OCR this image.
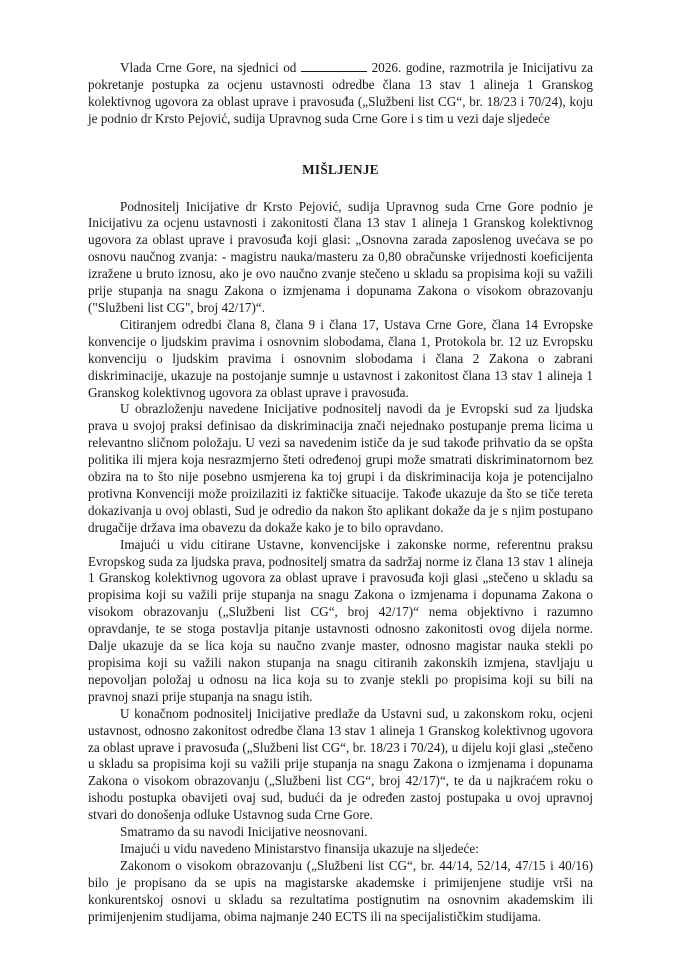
Vlada Crne Gore, na sjednici od	2026. godine, razmotrila je Inicijativu za pokretanje postupka za ocjenu ustavnosti odredbe člana 13 stav 1 alineja 1 Granskog kolektivnog ugovora za oblast uprave i pravosuđa („Službeni list CG“, br. 18/23 i 70/24), koju je podnio dr Krsto Pejović, sudija Upravnog suda Crne Gore i s tim u vezi daje sljedeće

MIŠLJENJE

Podnositelj Inicijative dr Krsto Pejović, sudija Upravnog suda Crne Gore podnio je Inicijativu za ocjenu ustavnosti i zakonitosti člana 13 stav 1 alineja 1 Granskog kolektivnog ugovora za oblast uprave i pravosuđa koji glasi: „Osnovna zarada zaposlenog uvećava se po osnovu naučnog zvanja: - magistru nauka/masteru za 0,80 obračunske vrijednosti koeficijenta izražene u bruto iznosu, ako je ovo naučno zvanje stečeno u skladu sa propisima koji su važili prije stupanja na snagu Zakona o izmjenama i dopunama Zakona o visokom obrazovanju ("Službeni list CG", broj 42/17)“.

Citiranjem odredbi člana 8, člana 9 i člana 17, Ustava Crne Gore, člana 14 Evropske konvencije o ljudskim pravima i osnovnim slobodama, člana 1, Protokola br. 12 uz Evropsku konvenciju o ljudskim pravima i osnovnim slobodama i člana 2 Zakona o zabrani diskriminacije, ukazuje na postojanje sumnje u ustavnost i zakonitost člana 13 stav 1 alineja 1 Granskog kolektivnog ugovora za oblast uprave i pravosuđa.

U obrazloženju navedene Inicijative podnositelj navodi da je Evropski sud za ljudska prava u svojoj praksi definisao da diskriminacija znači nejednako postupanje prema licima u relevantno sličnom položaju. U vezi sa navedenim ističe da je sud takođe prihvatio da se opšta politika ili mjera koja nesrazmjerno šteti određenoj grupi može smatrati diskriminatornom bez obzira na to što nije posebno usmjerena ka toj grupi i da diskriminacija koja je potencijalno protivna Konvenciji može proizilaziti iz faktičke situacije. Takođe ukazuje da što se tiče tereta dokazivanja u ovoj oblasti, Sud je odredio da nakon što aplikant dokaže da je s njim postupano drugačije država ima obavezu da dokaže kako je to bilo opravdano.

Imajući u vidu citirane Ustavne, konvencijske i zakonske norme, referentnu praksu Evropskog suda za ljudska prava, podnositelj smatra da sadržaj norme iz člana 13 stav 1 alineja 1 Granskog kolektivnog ugovora za oblast uprave i pravosuđa koji glasi „stečeno u skladu sa propisima koji su važili prije stupanja na snagu Zakona o izmjenama i dopunama Zakona o visokom obrazovanju („Službeni list CG“, broj 42/17)“ nema objektivno i razumno opravdanje, te se stoga postavlja pitanje ustavnosti odnosno zakonitosti ovog dijela norme. Dalje ukazuje da se lica koja su naučno zvanje master, odnosno magistar nauka stekli po propisima koji su važili nakon stupanja na snagu citiranih zakonskih izmjena, stavljaju u nepovoljan položaj u odnosu na lica koja su to zvanje stekli po propisima koji su bili na pravnoj snazi prije stupanja na snagu istih.

U konačnom podnositelj Inicijative predlaže da Ustavni sud, u zakonskom roku, ocjeni ustavnost, odnosno zakonitost odredbe člana 13 stav 1 alineja 1 Granskog kolektivnog ugovora za oblast uprave i pravosuđa („Službeni list CG“, br. 18/23 i 70/24), u dijelu koji glasi „stečeno u skladu sa propisima koji su važili prije stupanja na snagu Zakona o izmjenama i dopunama Zakona o visokom obrazovanju („Službeni list CG“, broj 42/17)“, te da u najkraćem roku o ishodu postupka obavijeti ovaj sud, budući da je određen zastoj postupaka u ovoj upravnoj stvari do donošenja odluke Ustavnog suda Crne Gore.

Smatramo da su navodi Inicijative neosnovani.

Imajući u vidu navedeno Ministarstvo finansija ukazuje na sljedeće:

Zakonom o visokom obrazovanju („Službeni list CG“, br. 44/14, 52/14, 47/15 i 40/16) bilo je propisano da se upis na magistarske akademske i primijenjene studije vrši na konkurentskoj osnovi u skladu sa rezultatima postignutim na osnovnim akademskim ili primijenjenim studijama, obima najmanje 240 ECTS ili na specijalističkim studijama.
